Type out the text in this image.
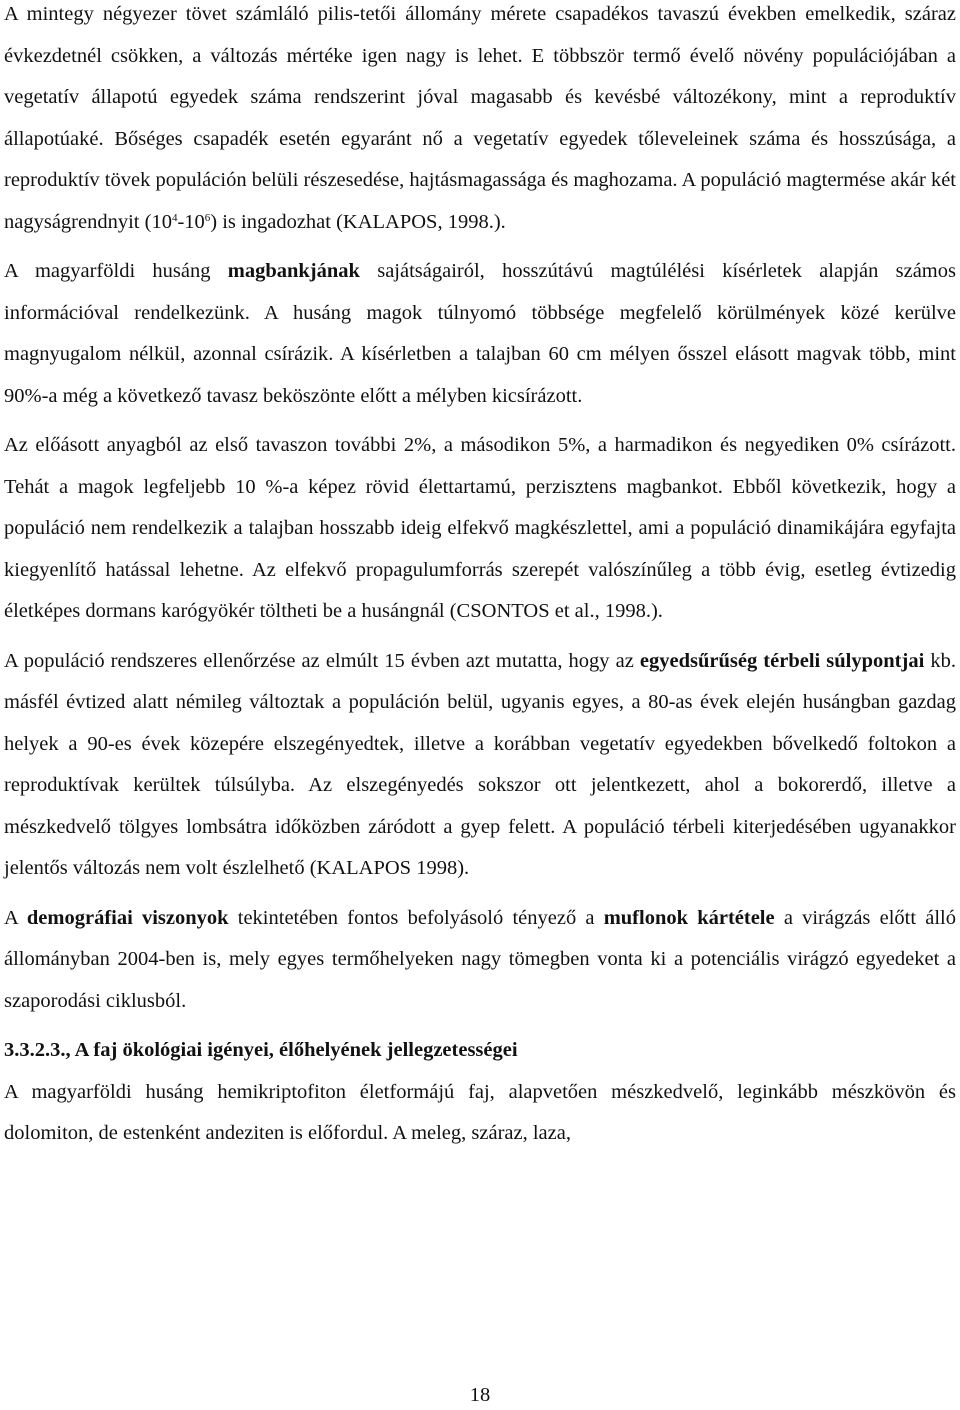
A mintegy négyezer tövet számláló pilis-tetői állomány mérete csapadékos tavaszú években emelkedik, száraz évkezdetnél csökken, a változás mértéke igen nagy is lehet. E többször termő évelő növény populációjában a vegetatív állapotú egyedek száma rendszerint jóval magasabb és kevésbé változékony, mint a reproduktív állapotúaké. Bőséges csapadék esetén egyaránt nő a vegetatív egyedek tőleveleinek száma és hosszúsága, a reproduktív tövek populáción belüli részesedése, hajtásmagassága és maghozama. A populáció magtermése akár két nagyságrendnyit $(10^4-10^6)$ is ingadozhat (KALAPOS, 1998.).

A magyarföldi husáng magbankjának sajátságairól, hosszútávú magtúlélési kísérletek alapján számos információval rendelkezünk. A husáng magok túlnyomó többsége megfelelő körülmények közé kerülve magnyugalom nélkül, azonnal csírázik. A kísérletben a talajban 60 cm mélyen ősszel elásott magvak több, mint 90%-a még a következő tavasz beköszönte előtt a mélyben kicsírázott.

Az előásott anyagból az első tavaszon további 2%, a másodikon 5%, a harmadikon és negyediken 0% csírázott. Tehát a magok legfeljebb 10 %-a képez rövid élettartamú, perzisztens magbankot. Ebből következik, hogy a populáció nem rendelkezik a talajban hosszabb ideig elfekvő magkészlettel, ami a populáció dinamikájára egyfajta kiegyenlítő hatással lehetne. Az elfekvő propagulumforrás szerepét valószínűleg a több évig, esetleg évtizedig életképes dormans karógyökér töltheti be a husángnál (CSONTOS et al., 1998.).

A populáció rendszeres ellenőrzése az elmúlt 15 évben azt mutatta, hogy az egyedsűrűség térbeli súlypontjai kb. másfél évtized alatt némileg változtak a populáción belül, ugyanis egyes, a 80-as évek elején husángban gazdag helyek a 90-es évek közepére elszegényedtek, illetve a korábban vegetatív egyedekben bővelkedő foltokon a reproduktívak kerültek túlsúlyba. Az elszegényedés sokszor ott jelentkezett, ahol a bokorerdő, illetve a mészkedvelő tölgyes lombsátra időközben záródott a gyep felett. A populáció térbeli kiterjedésében ugyanakkor jelentős változás nem volt észlelhető (KALAPOS 1998).

A demográfiai viszonyok tekintetében fontos befolyásoló tényező a muflonok kártétele a virágzás előtt álló állományban 2004-ben is, mely egyes termőhelyeken nagy tömegben vonta ki a potenciális virágzó egyedeket a szaporodási ciklusból.

3.3.2.3., A faj ökológiai igényei, élőhelyének jellegzetességei

A magyarföldi husáng hemikriptofiton életformájú faj, alapvetően mészkedvelő, leginkább mészkövön és dolomiton, de estenként andeziten is előfordul. A meleg, száraz, laza,

18
